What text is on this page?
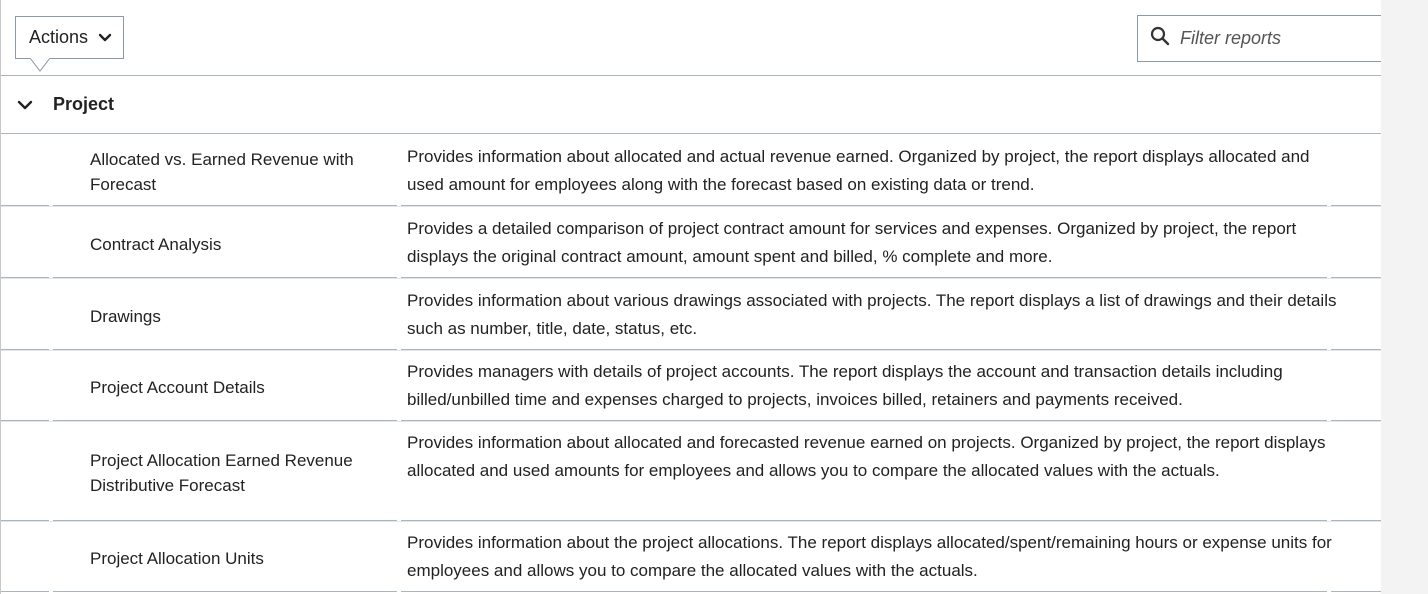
Actions
Filter reports
Project
Allocated vs. Earned Revenue with Forecast
Provides information about allocated and actual revenue earned. Organized by project, the report displays allocated and used amount for employees along with the forecast based on existing data or trend.
Contract Analysis
Provides a detailed comparison of project contract amount for services and expenses. Organized by project, the report displays the original contract amount, amount spent and billed, % complete and more.
Drawings
Provides information about various drawings associated with projects. The report displays a list of drawings and their details such as number, title, date, status, etc.
Project Account Details
Provides managers with details of project accounts. The report displays the account and transaction details including billed/unbilled time and expenses charged to projects, invoices billed, retainers and payments received.
Project Allocation Earned Revenue Distributive Forecast
Provides information about allocated and forecasted revenue earned on projects. Organized by project, the report displays allocated and used amounts for employees and allows you to compare the allocated values with the actuals.
Project Allocation Units
Provides information about the project allocations. The report displays allocated/spent/remaining hours or expense units for employees and allows you to compare the allocated values with the actuals.
